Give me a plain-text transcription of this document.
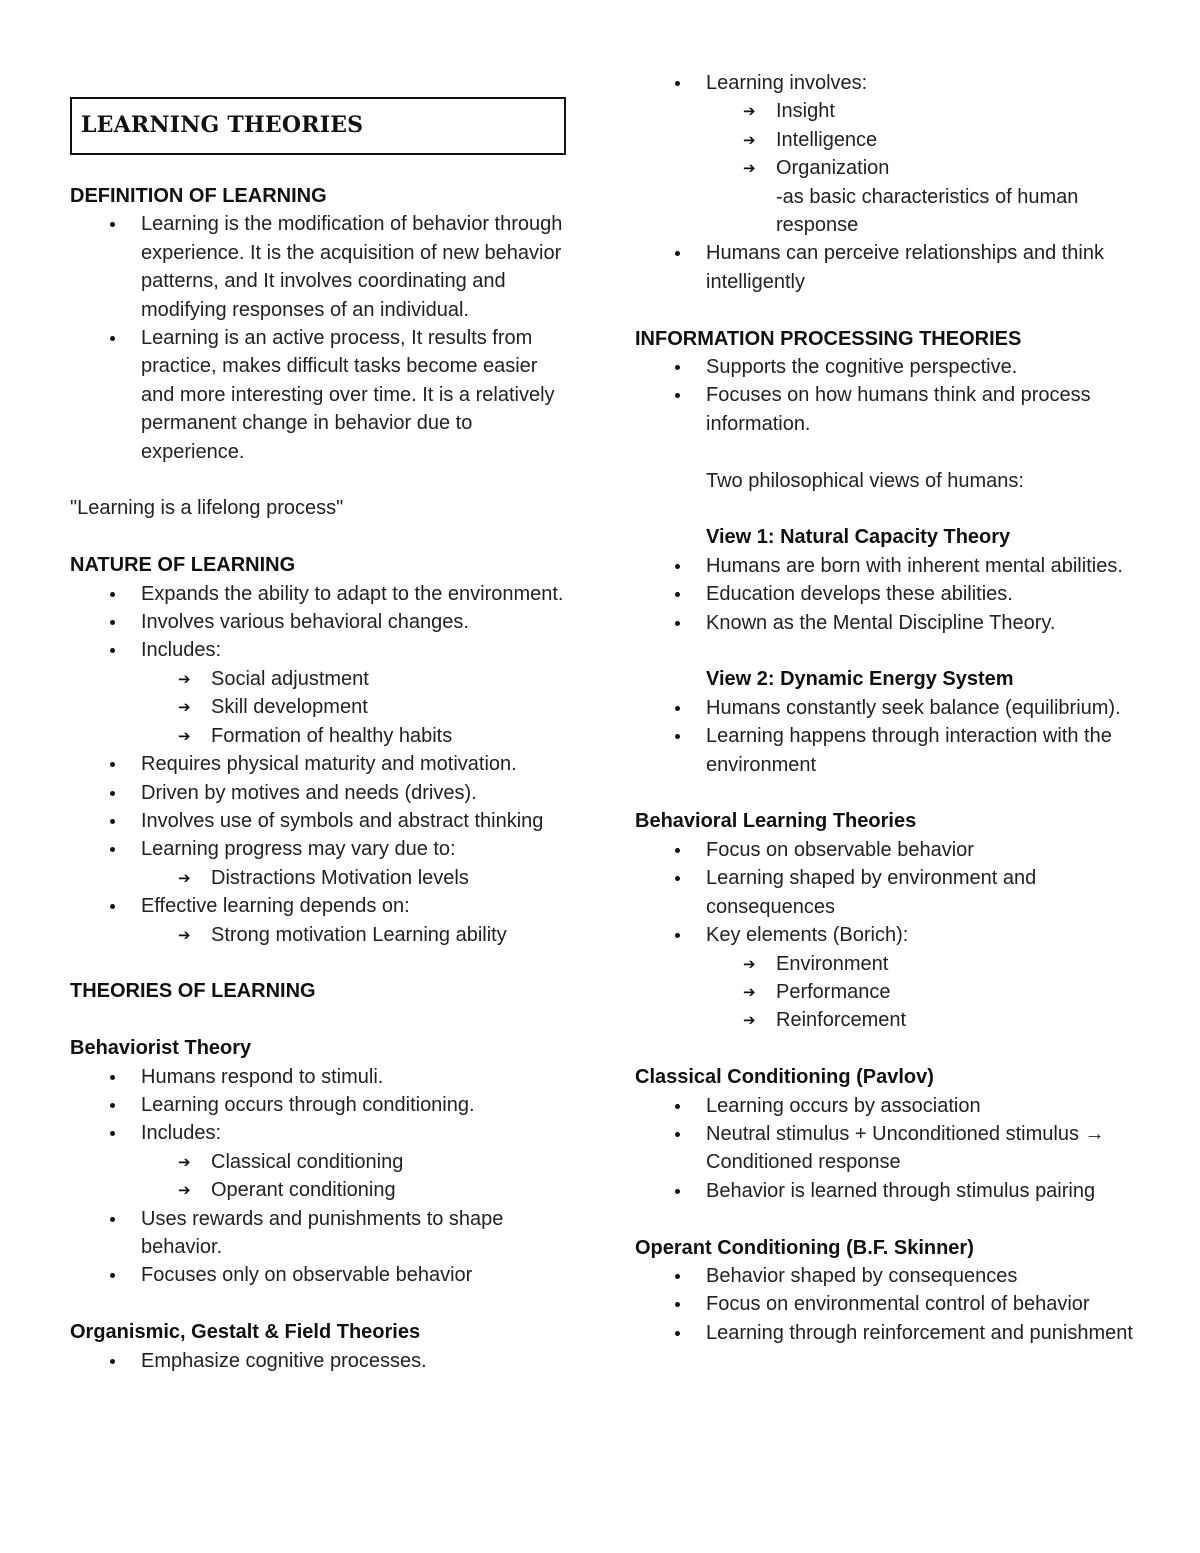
LEARNING THEORIES
DEFINITION OF LEARNING
Learning is the modification of behavior through experience. It is the acquisition of new behavior patterns, and It involves coordinating and modifying responses of an individual.
Learning is an active process, It results from practice, makes difficult tasks become easier and more interesting over time. It is a relatively permanent change in behavior due to experience.
"Learning is a lifelong process"
NATURE OF LEARNING
Expands the ability to adapt to the environment.
Involves various behavioral changes.
Includes:
➔ Social adjustment
➔ Skill development
➔ Formation of healthy habits
Requires physical maturity and motivation.
Driven by motives and needs (drives).
Involves use of symbols and abstract thinking
Learning progress may vary due to:
➔ Distractions Motivation levels
Effective learning depends on:
➔ Strong motivation Learning ability
THEORIES OF LEARNING
Behaviorist Theory
Humans respond to stimuli.
Learning occurs through conditioning.
Includes:
➔ Classical conditioning
➔ Operant conditioning
Uses rewards and punishments to shape behavior.
Focuses only on observable behavior
Organismic, Gestalt & Field Theories
Emphasize cognitive processes.
Learning involves:
➔ Insight
➔ Intelligence
➔ Organization
-as basic characteristics of human response
Humans can perceive relationships and think intelligently
INFORMATION PROCESSING THEORIES
Supports the cognitive perspective.
Focuses on how humans think and process information.
Two philosophical views of humans:
View 1: Natural Capacity Theory
Humans are born with inherent mental abilities.
Education develops these abilities.
Known as the Mental Discipline Theory.
View 2: Dynamic Energy System
Humans constantly seek balance (equilibrium).
Learning happens through interaction with the environment
Behavioral Learning Theories
Focus on observable behavior
Learning shaped by environment and consequences
Key elements (Borich):
➔ Environment
➔ Performance
➔ Reinforcement
Classical Conditioning (Pavlov)
Learning occurs by association
Neutral stimulus + Unconditioned stimulus → Conditioned response
Behavior is learned through stimulus pairing
Operant Conditioning (B.F. Skinner)
Behavior shaped by consequences
Focus on environmental control of behavior
Learning through reinforcement and punishment
